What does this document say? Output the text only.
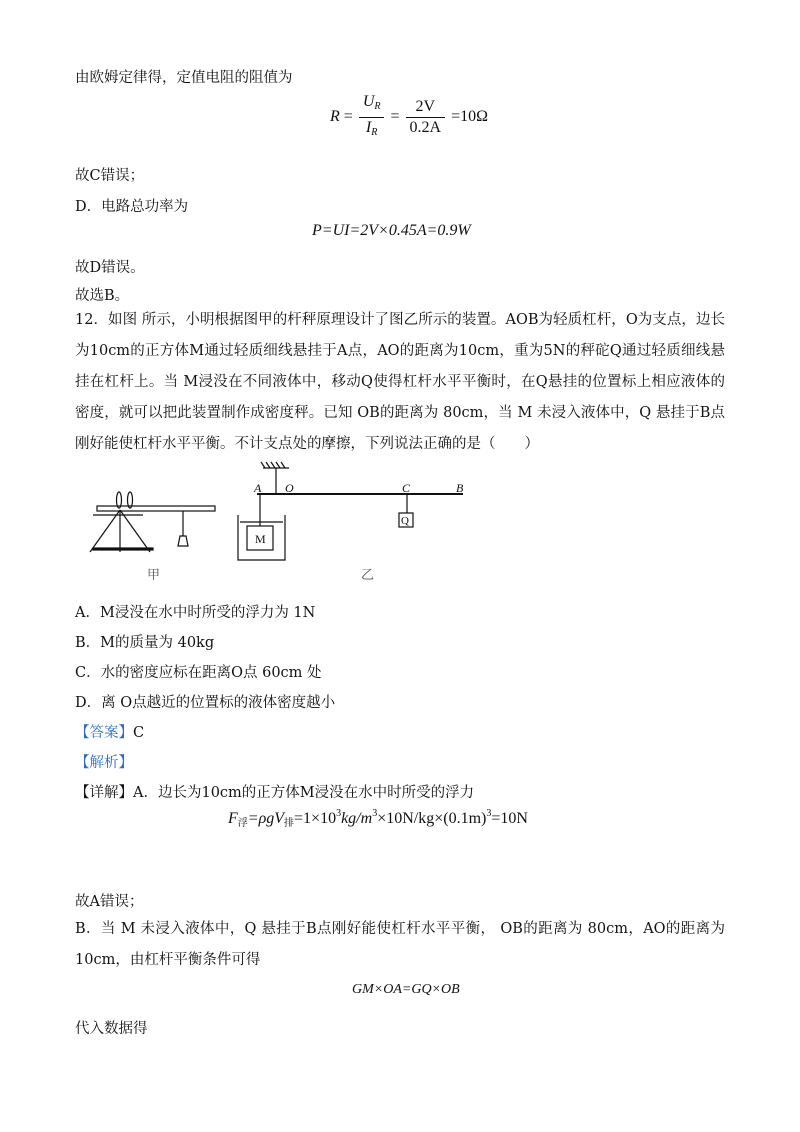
由欧姆定律得，定值电阻的阻值为
$R = \frac{U_R}{I_R} = \frac{2V}{0.2A} =10\Omega$
故C错误；
D．电路总功率为
P=UI=2V×0.45A=0.9W
故D错误。
故选B。
12．如图 所示，小明根据图甲的杆秤原理设计了图乙所示的装置。AOB为轻质杠杆，O为支点，边长为10cm的正方体M通过轻质细线悬挂于A点，AO的距离为10cm，重为5N的秤砣Q通过轻质细线悬挂在杠杆上。当 M浸没在不同液体中，移动Q使得杠杆水平平衡时，在Q悬挂的位置标上相应液体的密度，就可以把此装置制作成密度秤。已知 OB的距离为 80cm，当 M 未浸入液体中，Q 悬挂于B点刚好能使杠杆水平平衡。不计支点处的摩擦，下列说法正确的是（　　）
甲
A O	C	B
M
Q
乙
A．M浸没在水中时所受的浮力为 1N
B．M的质量为 40kg
C．水的密度应标在距离O点 60cm 处
D．离 O点越近的位置标的液体密度越小
【答案】C
【解析】
【详解】A．边长为10cm的正方体M浸没在水中时所受的浮力
$F_浮=\rho gV_排=1\times 10^3kg/m^3\times 10N/kg\times(0.1m)^3=10N$
故A错误；
B．当 M 未浸入液体中，Q 悬挂于B点刚好能使杠杆水平平衡， OB的距离为 80cm，AO的距离为10cm，由杠杆平衡条件可得
GM×OA=GQ×OB
代入数据得
